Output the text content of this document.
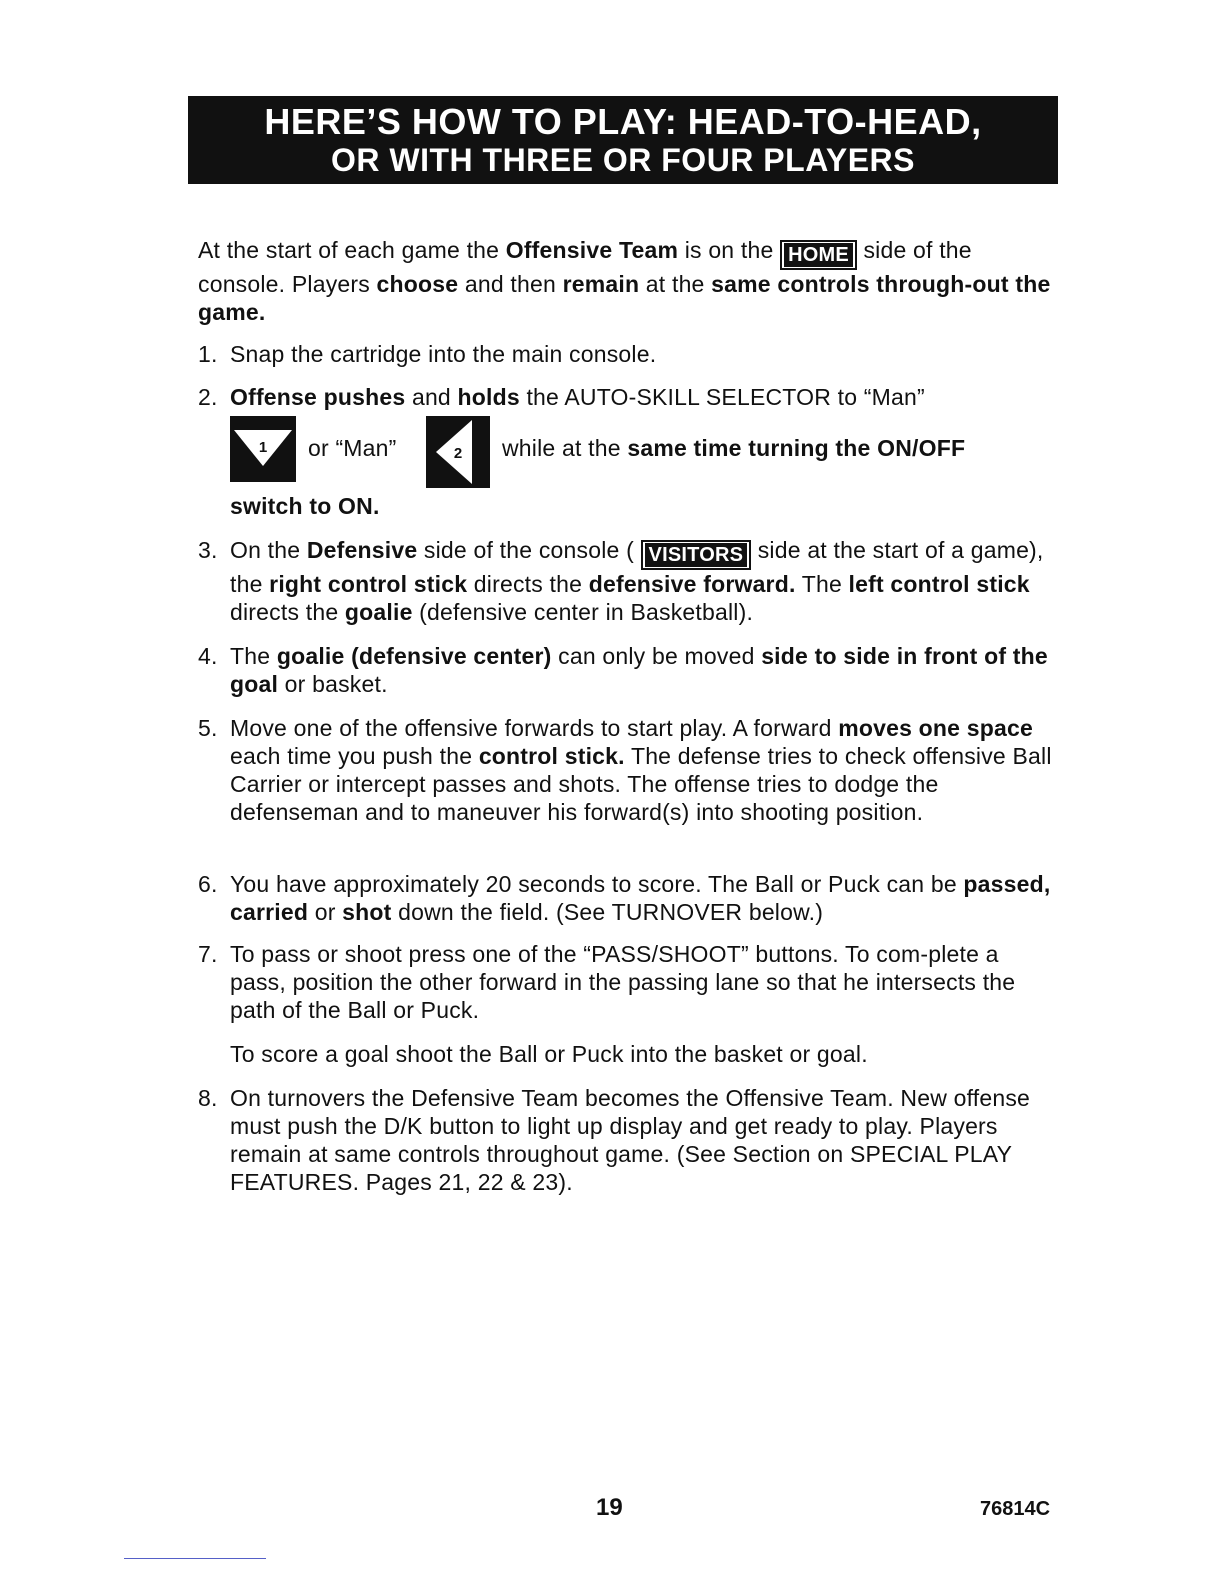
HERE’S HOW TO PLAY: HEAD-TO-HEAD,
OR WITH THREE OR FOUR PLAYERS
At the start of each game the Offensive Team is on the HOME side of the console. Players choose and then remain at the same controls through-out the game.
1. Snap the cartridge into the main console.
2. Offense pushes and holds the AUTO-SKILL SELECTOR to “Man”
1 or “Man”	2 while at the same time turning the ON/OFF
switch to ON.
3. On the Defensive side of the console ( VISITORS side at the start of a game), the right control stick directs the defensive forward. The left control stick directs the goalie (defensive center in Basketball).
4. The goalie (defensive center) can only be moved side to side in front of the goal or basket.
5. Move one of the offensive forwards to start play. A forward moves one space each time you push the control stick. The defense tries to check offensive Ball Carrier or intercept passes and shots. The offense tries to dodge the defenseman and to maneuver his forward(s) into shooting position.
6. You have approximately 20 seconds to score. The Ball or Puck can be passed, carried or shot down the field. (See TURNOVER below.)
7. To pass or shoot press one of the “PASS/SHOOT” buttons. To com-plete a pass, position the other forward in the passing lane so that he intersects the path of the Ball or Puck.
To score a goal shoot the Ball or Puck into the basket or goal.
8. On turnovers the Defensive Team becomes the Offensive Team. New offense must push the D/K button to light up display and get ready to play. Players remain at same controls throughout game. (See Section on SPECIAL PLAY FEATURES. Pages 21, 22 & 23).
19	76814C
